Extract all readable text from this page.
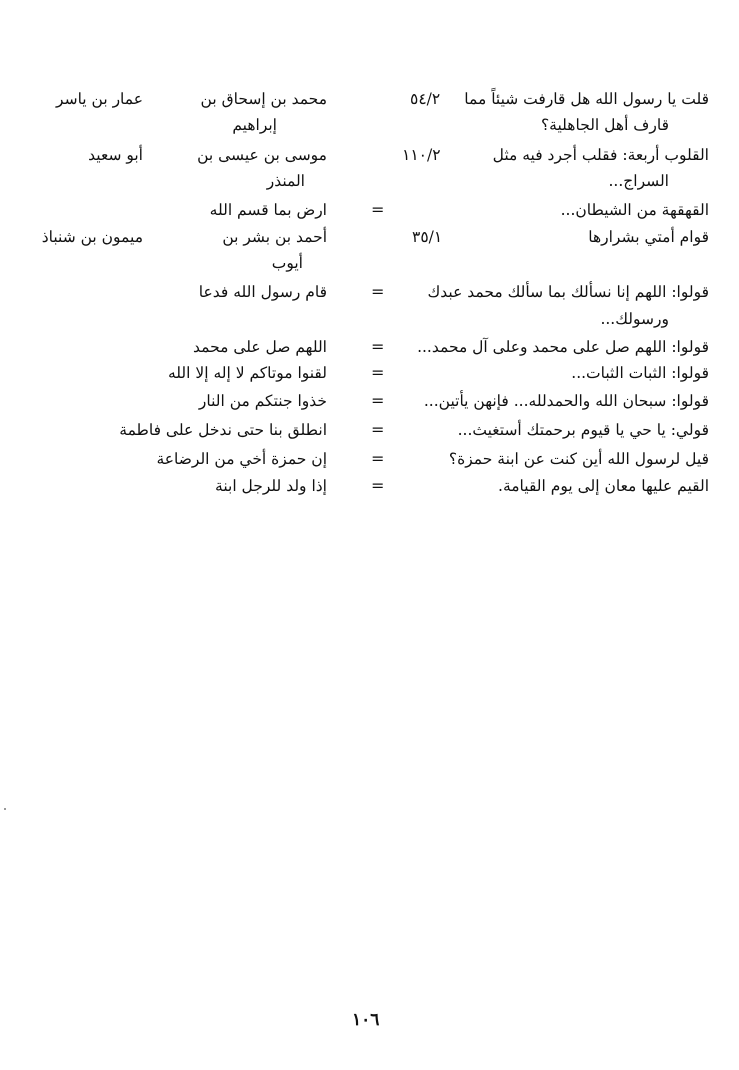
قلت يا رسول الله هل قارفت شيئاً مما
قارف أهل الجاهلية؟
٥٤/٢
محمد بن إسحاق بن
إبراهيم
عمار بن ياسر
القلوب أربعة: فقلب أجرد فيه مثل
السراج...
١١٠/٢
موسى بن عيسى بن
المنذر
أبو سعيد
القهقهة من الشيطان...
=
ارض بما قسم الله
قوام أمتي بشرارها
٣٥/١
أحمد بن بشر بن
أيوب
ميمون بن شنباذ
قولوا: اللهم إنا نسألك بما سألك محمد عبدك
ورسولك...
=
قام رسول الله فدعا
قولوا: اللهم صل على محمد وعلى آل محمد...
=
اللهم صل على محمد
قولوا: الثبات الثبات...
=
لقنوا موتاكم لا إله إلا الله
قولوا: سبحان الله والحمدلله... فإنهن يأتين...
=
خذوا جنتكم من النار
قولي: يا حي يا قيوم برحمتك أستغيث...
=
انطلق بنا حتى ندخل على فاطمة
قيل لرسول الله أين كنت عن ابنة حمزة؟
=
إن حمزة أخي من الرضاعة
القيم عليها معان إلى يوم القيامة.
=
إذا ولد للرجل ابنة
١٠٦
